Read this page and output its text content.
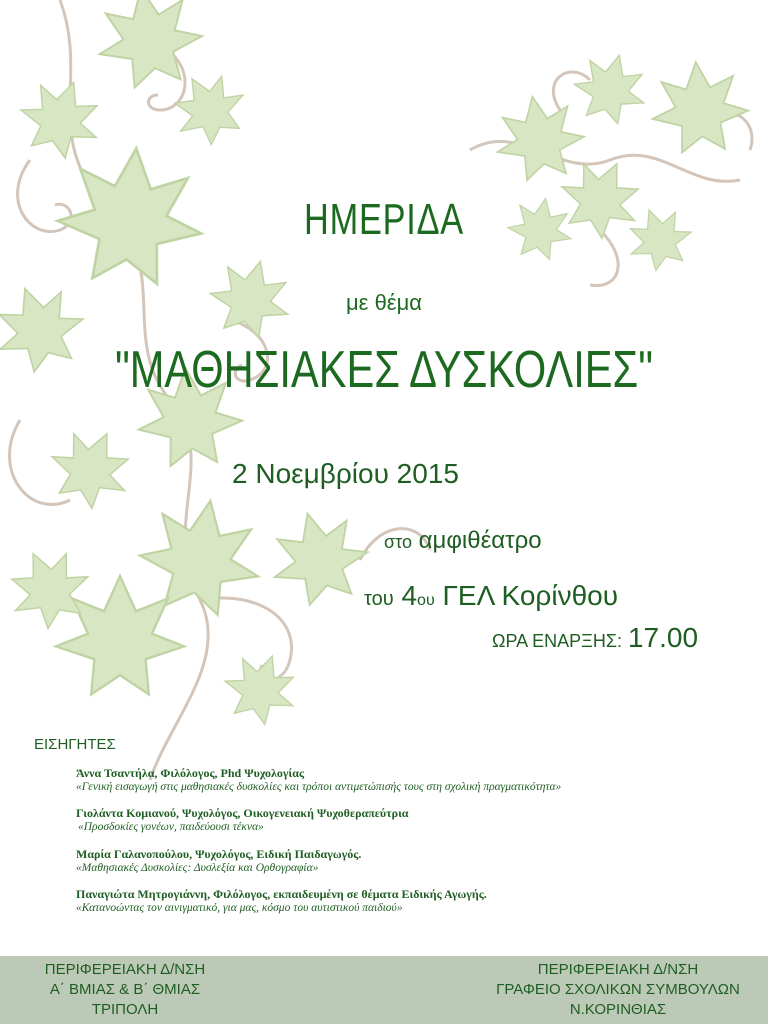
ΗΜΕΡΙΔΑ
με θέμα
"ΜΑΘΗΣΙΑΚΕΣ ΔΥΣΚΟΛΙΕΣ"
2 Νοεμβρίου 2015
στο αμφιθέατρο
του 4ου ΓΕΛ Κορίνθου
ΩΡΑ ΕΝΑΡΞΗΣ: 17.00
ΕΙΣΗΓΗΤΕΣ
Άννα Τσαντήλα, Φιλόλογος, Phd Ψυχολογίας
«Γενική εισαγωγή στις μαθησιακές δυσκολίες και τρόποι αντιμετώπισής τους στη σχολική πραγματικότητα»
Γιολάντα Κομιανού, Ψυχολόγος, Οικογενειακή Ψυχοθεραπεύτρια
«Προσδοκίες γονέων, παιδεύουσι τέκνα»
Μαρία Γαλανοπούλου, Ψυχολόγος, Ειδική Παιδαγωγός.
«Μαθησιακές Δυσκολίες: Δυσλεξία και Ορθογραφία»
Παναγιώτα Μητρογιάννη, Φιλόλογος, εκπαιδευμένη σε θέματα Ειδικής Αγωγής.
«Κατανοώντας τον αινιγματικό, για μας, κόσμο του αυτιστικού παιδιού»
ΠΕΡΙΦΕΡΕΙΑΚΗ Δ/ΝΣΗ
Α΄ ΒΜΙΑΣ & Β΄ ΘΜΙΑΣ
ΤΡΙΠΟΛΗ
ΠΕΡΙΦΕΡΕΙΑΚΗ Δ/ΝΣΗ
ΓΡΑΦΕΙΟ ΣΧΟΛΙΚΩΝ ΣΥΜΒΟΥΛΩΝ
Ν.ΚΟΡΙΝΘΙΑΣ
